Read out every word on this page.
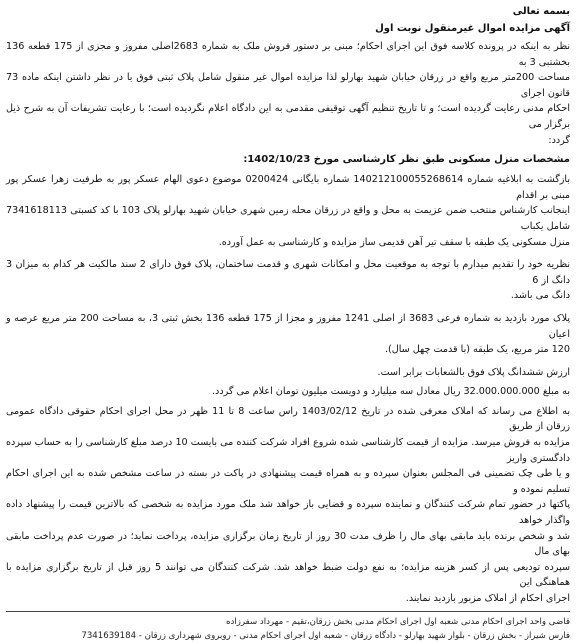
بسمه تعالی

آگهی مزایده اموال غیرمنقول نوبت اول

نظر به اینکه در پرونده کلاسه فوق این اجرای احکام؛ مبنی بر دستور فروش ملک به شماره 2683اصلی مفروز و مجزی از 175 قطعه 136 بخشتبی 3 به

مساحت 200متر مربع واقع در زرقان خیابان شهید بهارلو لذا مزایده اموال غیر منقول شامل پلاک ثبتی فوق با در نظر داشتن اینکه ماده 73 قانون اجرای

احکام مدنی رعایت گردیده است؛ و تا تاریخ تنظیم آگهی توقیفی مقدمی به این دادگاه اعلام نگردیده است؛ با رعایت تشریفات آن به شرح ذیل برگزار می

گردد:

مشخصات منزل مسکونی طبق نظر کارشناسی مورخ 1402/10/23:

بازگشت به ابلاغیه شماره 140212100055268614 شماره بایگانی 0200424 موضوع دعوی الهام عسکر پور به طرفیت زهرا عسکر پور مبنی بر اقدام

اینجانب کارشناس منتخب ضمن عزیمت به محل و واقع در زرقان محله زمین شهری خیابان شهید بهارلو پلاک 103 با کد کسبتی 7341618113 شامل یکباب

منزل مسکونی یک طبقه با سقف تیر آهن قدیمی ساز مزایده و کارشناسی به عمل آورده.

نظریه خود را تقدیم میدارم با توجه به موقعیت محل و امکانات شهری و قدمت ساختمان، پلاک فوق دارای 2 سند مالکیت هر کدام به میزان 3 دانگ از 6

دانگ می باشد.

پلاک مورد بازدید به شماره فرعی 3683 از اصلی 1241 مفروز و مجزا از 175 قطعه 136 بخش ثبتی 3، به مساحت 200 متر مربع عرصه و اعیان

120 متر مربع، یک طبقه (با قدمت چهل سال).

ارزش ششدانگ پلاک فوق بالشعابات برابر است.

به مبلغ 32.000.000.000 ریال معادل سه میلیارد و دویست میلیون تومان اعلام می گردد.

به اطلاع می رساند که املاک معرفی شده در تاریخ 1403/02/12 راس ساعت 8 تا 11 ظهر در محل اجرای احکام حقوقی دادگاه عمومی زرقان از طریق

مزایده به فروش میرسد. مزایده از قیمت کارشناسی شده شروع افراد شرکت کننده می بایست 10 درصد مبلغ کارشناسی را به حساب سپرده دادگستری واریز

و یا طی چک تضمینی فی المجلس بعنوان سپرده و به همراه قیمت پیشنهادی در پاکت در بسته در ساعت مشخص شده به این اجرای احکام تسلیم نموده و

پاکتها در حضور تمام شرکت کنندگان و نماینده سپرده و قضایی باز خواهد شد ملک مورد مزایده به شخصی که بالاترین قیمت را پیشنهاد داده واگذار خواهد

شد و شخص برنده باید مابقی بهای مال را ظرف مدت 30 روز از تاریخ زمان برگزاری مزایده، پرداخت نماید؛ در صورت عدم پرداخت مابقی بهای مال

سپرده تودیعی پس از کسر هزینه مزایده؛ به نفع دولت ضبط خواهد شد. شرکت کنندگان می توانند 5 روز قبل از تاریخ برگزاری مزایده با هماهنگی این

اجرای احکام از املاک مزبور بازدید نمایند.

قاضی واحد اجرای احکام مدنی شعبه اول اجرای احکام مدنی بخش زرقان،تقیم - مهرداد سفرزاده

فارس شیراز - بخش زرقان - بلوار شهید بهارلو - دادگاه زرقان - شعبه اول اجرای احکام مدنی - روبروی شهرداری زرقان - 7341639184
